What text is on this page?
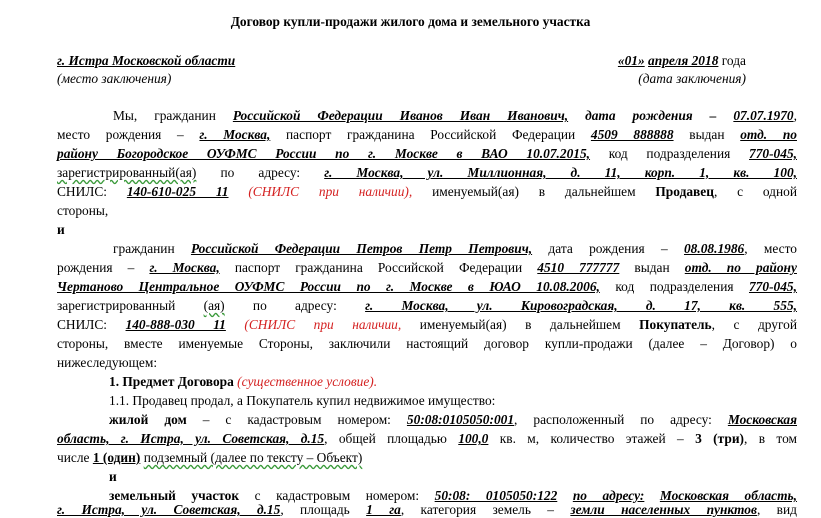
Договор купли-продажи жилого дома и земельного участка
г. Истра Московской области
(место заключения)
«01» апреля 2018 года
(дата заключения)
Мы, гражданин Российской Федерации Иванов Иван Иванович, дата рождения – 07.07.1970,
место рождения – г. Москва, паспорт гражданина Российской Федерации 4509 888888 выдан отд. по
району Богородское ОУФМС России по г. Москве в ВАО 10.07.2015, код подразделения 770-045,
зарегистрированный(ая) по адресу: г. Москва, ул. Миллионная, д. 11, корп. 1, кв. 100,
СНИЛС: 140-610-025 11 (СНИЛС при наличии), именуемый(ая) в дальнейшем Продавец, с одной
стороны,
и
гражданин Российской Федерации Петров Петр Петрович, дата рождения – 08.08.1986, место
рождения – г. Москва, паспорт гражданина Российской Федерации 4510 777777 выдан отд. по району
Чертаново Центральное ОУФМС России по г. Москве в ЮАО 10.08.2006, код подразделения 770-045,
зарегистрированный (ая) по адресу: г. Москва, ул. Кировоградская, д. 17, кв. 555,
СНИЛС: 140-888-030 11 (СНИЛС при наличии, именуемый(ая) в дальнейшем Покупатель, с другой
стороны, вместе именуемые Стороны, заключили настоящий договор купли-продажи (далее – Договор) о
нижеследующем:
1. Предмет Договора (существенное условие).
1.1. Продавец продал, а Покупатель купил недвижимое имущество:
жилой дом – с кадастровым номером: 50:08:0105050:001, расположенный по адресу: Московская
область, г. Истра, ул. Советская, д.15, общей площадью 100,0 кв. м, количество этажей – 3 (три), в том
числе 1 (один) подземный (далее по тексту – Объект)
и
земельный участок с кадастровым номером: 50:08: 0105050:122 по адресу: Московская область,
г. Истра, ул. Советская, д.15, площадь 1 га, категория земель – земли населенных пунктов, вид
